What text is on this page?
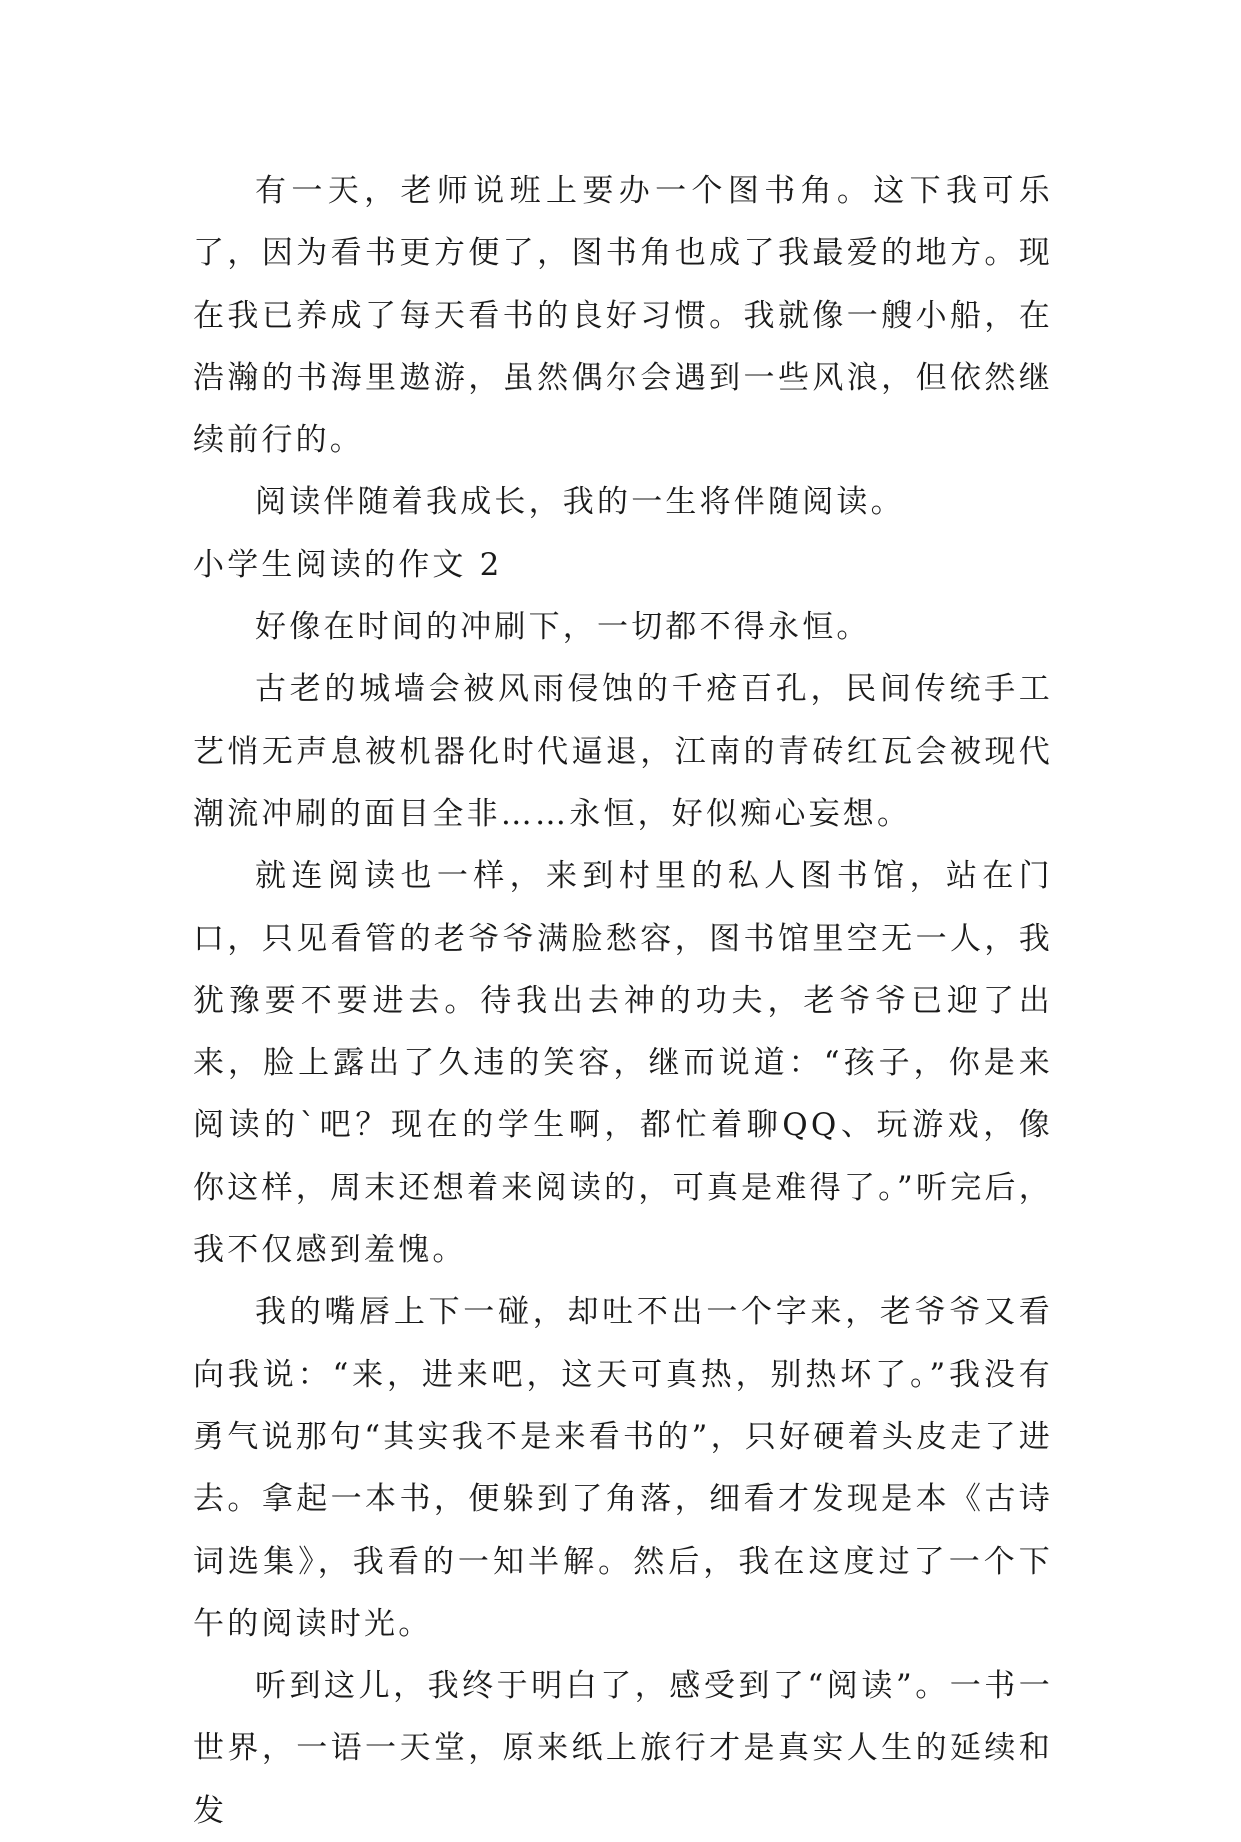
有一天，老师说班上要办一个图书角。这下我可乐了，因为看书更方便了，图书角也成了我最爱的地方。现在我已养成了每天看书的良好习惯。我就像一艘小船，在浩瀚的书海里遨游，虽然偶尔会遇到一些风浪，但依然继续前行的。

阅读伴随着我成长，我的一生将伴随阅读。

小学生阅读的作文 2

好像在时间的冲刷下，一切都不得永恒。

古老的城墙会被风雨侵蚀的千疮百孔，民间传统手工艺悄无声息被机器化时代逼退，江南的青砖红瓦会被现代潮流冲刷的面目全非……永恒，好似痴心妄想。

就连阅读也一样，来到村里的私人图书馆，站在门口，只见看管的老爷爷满脸愁容，图书馆里空无一人，我犹豫要不要进去。待我出去神的功夫，老爷爷已迎了出来，脸上露出了久违的笑容，继而说道：“孩子，你是来阅读的`吧？现在的学生啊，都忙着聊QQ、玩游戏，像你这样，周末还想着来阅读的，可真是难得了。”听完后，我不仅感到羞愧。

我的嘴唇上下一碰，却吐不出一个字来，老爷爷又看向我说：“来，进来吧，这天可真热，别热坏了。”我没有勇气说那句“其实我不是来看书的”，只好硬着头皮走了进去。拿起一本书，便躲到了角落，细看才发现是本《古诗词选集》，我看的一知半解。然后，我在这度过了一个下午的阅读时光。

听到这儿，我终于明白了，感受到了“阅读”。一书一世界，一语一天堂，原来纸上旅行才是真实人生的延续和发
